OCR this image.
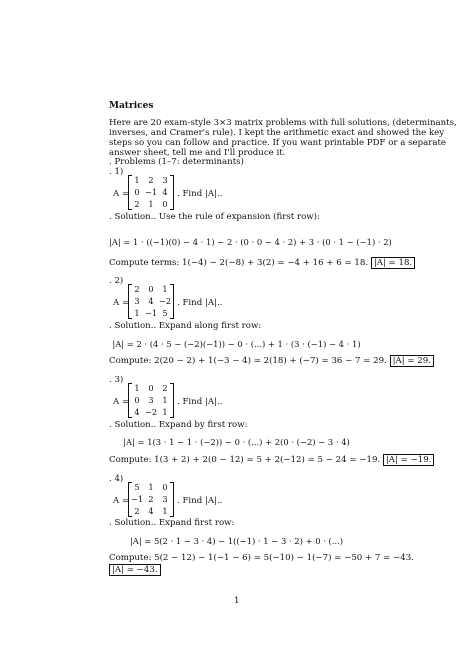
Matrices
Here are 20 exam-style 3×3 matrix problems with full solutions, (determinants,
inverses, and Cramer's rule). I kept the arithmetic exact and showed the key
steps so you can follow and practice. If you want printable PDF or a separate
answer sheet, tell me and I'll produce it.
. Problems (1–7: determinants)
. 1)
A =
1	2	3
0 −1 4
2	1	0
. Find |A|..
. Solution.. Use the rule of expansion (first row):
|A| = 1 · ((−1)(0) − 4 · 1) − 2 · (0 · 0 − 4 · 2) + 3 · (0 · 1 − (−1) · 2)
Compute terms: 1(−4) − 2(−8) + 3(2) = −4 + 16 + 6 = 18. |A| = 18.
. 2)
A =
2	0	1
3	4 −2
1 −1 5
. Find |A|..
. Solution.. Expand along first row:
|A| = 2 · (4 · 5 − (−2)(−1)) − 0 · (...) + 1 · (3 · (−1) − 4 · 1)
Compute: 2(20 − 2) + 1(−3 − 4) = 2(18) + (−7) = 36 − 7 = 29. |A| = 29.
. 3)
A =
1	0	2
0	3	1
4 −2 1
. Find |A|..
. Solution.. Expand by first row:
|A| = 1(3 · 1 − 1 · (−2)) − 0 · (...) + 2(0 · (−2) − 3 · 4)
Compute: 1(3 + 2) + 2(0 − 12) = 5 + 2(−12) = 5 − 24 = −19. |A| = −19.
. 4)
A =
5	1	0
−1 2	3
2	4	1
. Find |A|..
. Solution.. Expand first row:
|A| = 5(2 · 1 − 3 · 4) − 1((−1) · 1 − 3 · 2) + 0 · (...)
Compute: 5(2 − 12) − 1(−1 − 6) = 5(−10) − 1(−7) = −50 + 7 = −43.
|A| = −43.
1
